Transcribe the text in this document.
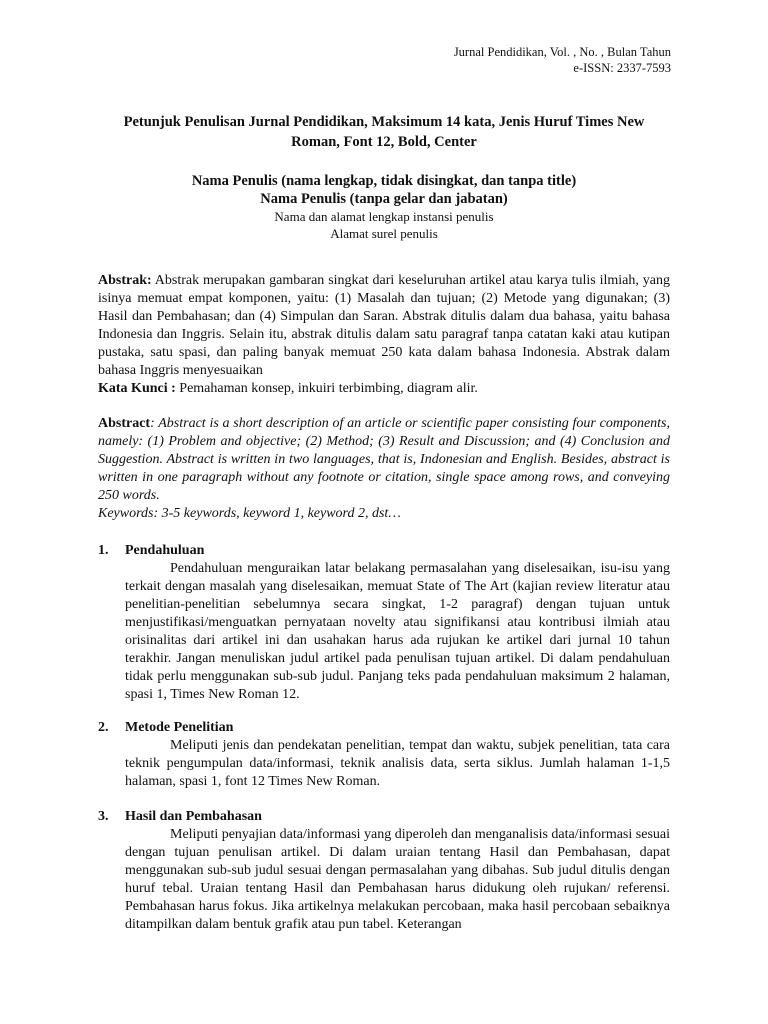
Jurnal Pendidikan, Vol. , No. , Bulan Tahun
e-ISSN: 2337-7593
Petunjuk Penulisan Jurnal Pendidikan, Maksimum 14 kata, Jenis Huruf Times New
Roman, Font 12, Bold, Center
Nama Penulis (nama lengkap, tidak disingkat, dan tanpa title)
Nama Penulis (tanpa gelar dan jabatan)
Nama dan alamat lengkap instansi penulis
Alamat surel penulis
Abstrak: Abstrak merupakan gambaran singkat dari keseluruhan artikel atau karya tulis ilmiah, yang isinya memuat empat komponen, yaitu: (1) Masalah dan tujuan; (2) Metode yang digunakan; (3) Hasil dan Pembahasan; dan (4) Simpulan dan Saran. Abstrak ditulis dalam dua bahasa, yaitu bahasa Indonesia dan Inggris. Selain itu, abstrak ditulis dalam satu paragraf tanpa catatan kaki atau kutipan pustaka, satu spasi, dan paling banyak memuat 250 kata dalam bahasa Indonesia. Abstrak dalam bahasa Inggris menyesuaikan
Kata Kunci : Pemahaman konsep, inkuiri terbimbing, diagram alir.
Abstract: Abstract is a short description of an article or scientific paper consisting four components, namely: (1) Problem and objective; (2) Method; (3) Result and Discussion; and (4) Conclusion and Suggestion. Abstract is written in two languages, that is, Indonesian and English. Besides, abstract is written in one paragraph without any footnote or citation, single space among rows, and conveying 250 words.
Keywords: 3-5 keywords, keyword 1, keyword 2, dst…
1.	Pendahuluan
Pendahuluan menguraikan latar belakang permasalahan yang diselesaikan, isu-isu yang terkait dengan masalah yang diselesaikan, memuat State of The Art (kajian review literatur atau penelitian-penelitian sebelumnya secara singkat, 1-2 paragraf) dengan tujuan untuk menjustifikasi/menguatkan pernyataan novelty atau signifikansi atau kontribusi ilmiah atau orisinalitas dari artikel ini dan usahakan harus ada rujukan ke artikel dari jurnal 10 tahun terakhir. Jangan menuliskan judul artikel pada penulisan tujuan artikel. Di dalam pendahuluan tidak perlu menggunakan sub-sub judul. Panjang teks pada pendahuluan maksimum 2 halaman, spasi 1, Times New Roman 12.
2.	Metode Penelitian
Meliputi jenis dan pendekatan penelitian, tempat dan waktu, subjek penelitian, tata cara teknik pengumpulan data/informasi, teknik analisis data, serta siklus. Jumlah halaman 1-1,5 halaman, spasi 1, font 12 Times New Roman.
3.	Hasil dan Pembahasan
Meliputi penyajian data/informasi yang diperoleh dan menganalisis data/informasi sesuai dengan tujuan penulisan artikel. Di dalam uraian tentang Hasil dan Pembahasan, dapat menggunakan sub-sub judul sesuai dengan permasalahan yang dibahas. Sub judul ditulis dengan huruf tebal. Uraian tentang Hasil dan Pembahasan harus didukung oleh rujukan/ referensi. Pembahasan harus fokus. Jika artikelnya melakukan percobaan, maka hasil percobaan sebaiknya ditampilkan dalam bentuk grafik atau pun tabel. Keterangan
